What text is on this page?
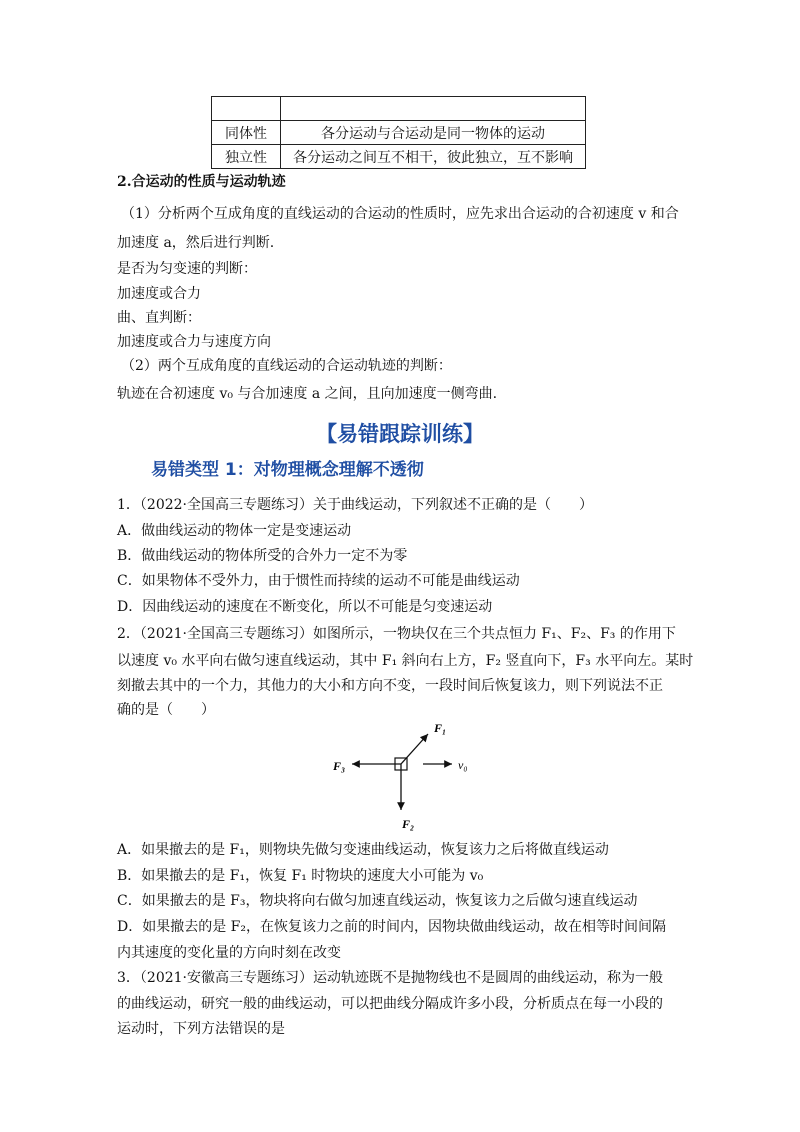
同体性	各分运动与合运动是同一物体的运动
独立性	各分运动之间互不相干，彼此独立，互不影响
2.合运动的性质与运动轨迹
（1）分析两个互成角度的直线运动的合运动的性质时，应先求出合运动的合初速度 v 和合
加速度 a，然后进行判断.
是否为匀变速的判断：
加速度或合力
曲、直判断：
加速度或合力与速度方向
（2）两个互成角度的直线运动的合运动轨迹的判断：
轨迹在合初速度 v₀ 与合加速度 a 之间，且向加速度一侧弯曲.
【易错跟踪训练】
易错类型 1：对物理概念理解不透彻
1．（2022·全国高三专题练习）关于曲线运动，下列叙述不正确的是（　　）
A．做曲线运动的物体一定是变速运动
B．做曲线运动的物体所受的合外力一定不为零
C．如果物体不受外力，由于惯性而持续的运动不可能是曲线运动
D．因曲线运动的速度在不断变化，所以不可能是匀变速运动
2．（2021·全国高三专题练习）如图所示，一物块仅在三个共点恒力 F₁、F₂、F₃ 的作用下
以速度 v₀ 水平向右做匀速直线运动，其中 F₁ 斜向右上方，F₂ 竖直向下，F₃ 水平向左。某时
刻撤去其中的一个力，其他力的大小和方向不变，一段时间后恢复该力，则下列说法不正
确的是（　　）
F₁
F₂
F₃	v₀
A．如果撤去的是 F₁，则物块先做匀变速曲线运动，恢复该力之后将做直线运动
B．如果撤去的是 F₁，恢复 F₁ 时物块的速度大小可能为 v₀
C．如果撤去的是 F₃，物块将向右做匀加速直线运动，恢复该力之后做匀速直线运动
D．如果撤去的是 F₂，在恢复该力之前的时间内，因物块做曲线运动，故在相等时间间隔
内其速度的变化量的方向时刻在改变
3．（2021·安徽高三专题练习）运动轨迹既不是抛物线也不是圆周的曲线运动，称为一般
的曲线运动，研究一般的曲线运动，可以把曲线分隔成许多小段，分析质点在每一小段的
运动时，下列方法错误的是
